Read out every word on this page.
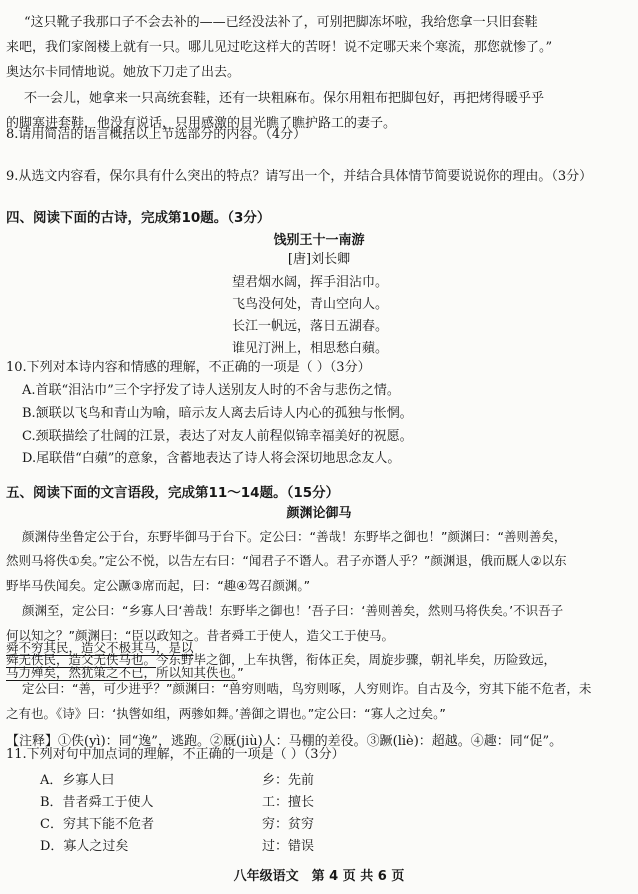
“这只靴子我那口子不会去补的——已经没法补了，可别把脚冻坏啦，我给您拿一只旧套鞋

来吧，我们家阁楼上就有一只。哪儿见过吃这样大的苦呀！说不定哪天来个寒流，那您就惨了。”

奥达尔卡同情地说。她放下刀走了出去。

不一会儿，她拿来一只高统套鞋，还有一块粗麻布。保尔用粗布把脚包好，再把烤得暖乎乎

的脚塞进套鞋，他没有说话，只用感激的目光瞧了瞧护路工的妻子。

8.请用简洁的语言概括以上节选部分的内容。（4分）

9.从选文内容看，保尔具有什么突出的特点？请写出一个，并结合具体情节简要说说你的理由。（3分）

四、阅读下面的古诗，完成第10题。（3分）

饯别王十一南游

[唐]刘长卿

望君烟水阔，挥手泪沾巾。

飞鸟没何处，青山空向人。

长江一帆远，落日五湖春。

谁见汀洲上，相思愁白蘋。

10.下列对本诗内容和情感的理解，不正确的一项是（ ）（3分）

A.首联“泪沾巾”三个字抒发了诗人送别友人时的不舍与悲伤之情。

B.颔联以飞鸟和青山为喻，暗示友人离去后诗人内心的孤独与怅惘。

C.颈联描绘了壮阔的江景，表达了对友人前程似锦幸福美好的祝愿。

D.尾联借“白蘋”的意象，含蓄地表达了诗人将会深切地思念友人。

五、阅读下面的文言语段，完成第11～14题。（15分）

颜渊论御马

颜渊侍坐鲁定公于台，东野毕御马于台下。定公曰：“善哉！东野毕之御也！”颜渊曰：“善则善矣，

然则马将佚①矣。”定公不悦，以告左右曰：“闻君子不谮人。君子亦谮人乎？”颜渊退，俄而厩人②以东

野毕马佚闻矣。定公蹶③席而起，曰：“趣④驾召颜渊。”

颜渊至，定公曰：“乡寡人曰‘善哉！东野毕之御也！’吾子曰：‘善则善矣，然则马将佚矣。’不识吾子

何以知之？”颜渊曰：“臣以政知之。昔者舜工于使人，造父工于使马。

舜不穷其民，造父不极其马，是以

舜无佚民，造父无佚马也。今东野毕之御，上车执辔，衔体正矣，周旋步骤，朝礼毕矣，历险致远，

马力殚矣，然犹策之不已，所以知其佚也。”

定公曰：“善，可少进乎？”颜渊曰：“兽穷则啮，鸟穷则啄，人穷则诈。自古及今，穷其下能不危者，未

之有也。《诗》曰：‘执辔如组，两骖如舞。’善御之谓也。”定公曰：“寡人之过矣。”

【注释】①佚(yì)：同“逸”，逃跑。②厩(jiù)人：马棚的差役。③蹶(liè)：超越。④趣：同“促”。

11.下列对句中加点词的理解，不正确的一项是（ ）（3分）

A．乡寡人曰	乡：先前

B．昔者舜工于使人	工：擅长

C．穷其下能不危者	穷：贫穷

D．寡人之过矣	过：错误

八年级语文　第 4 页 共 6 页
